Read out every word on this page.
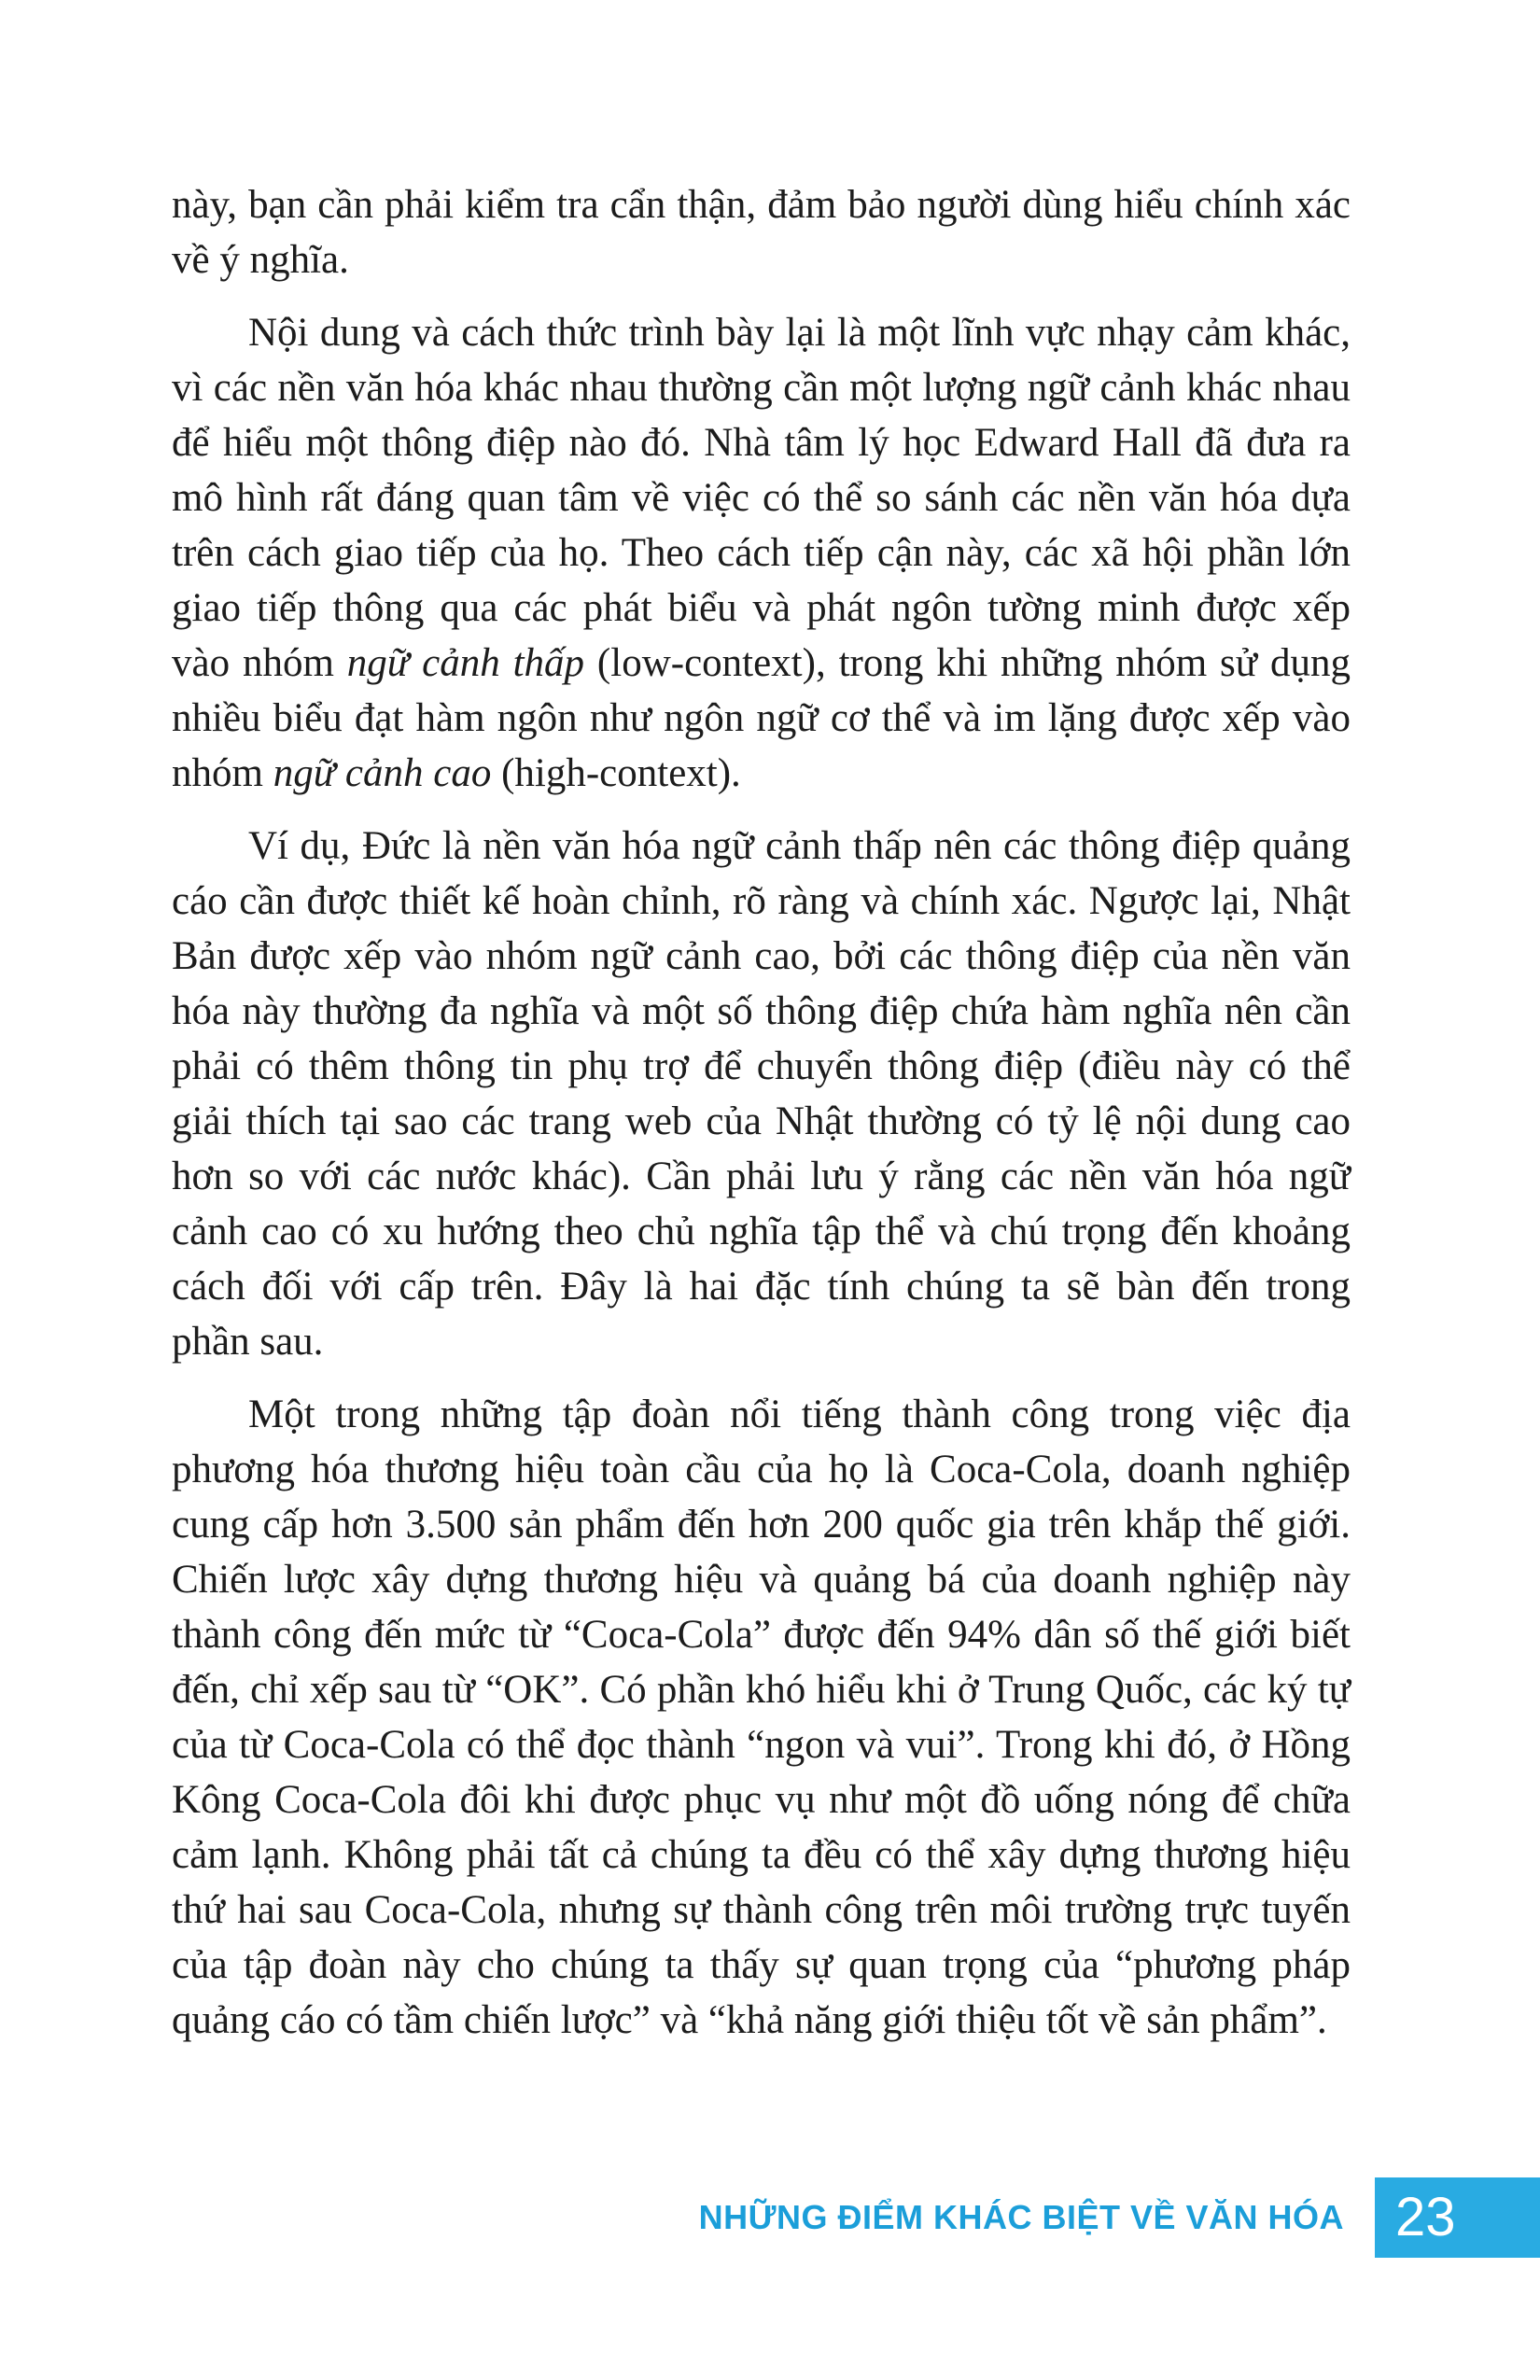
này, bạn cần phải kiểm tra cẩn thận, đảm bảo người dùng hiểu chính xác
về ý nghĩa.
Nội dung và cách thức trình bày lại là một lĩnh vực nhạy cảm khác,
vì các nền văn hóa khác nhau thường cần một lượng ngữ cảnh khác nhau
để hiểu một thông điệp nào đó. Nhà tâm lý học Edward Hall đã đưa ra
mô hình rất đáng quan tâm về việc có thể so sánh các nền văn hóa dựa
trên cách giao tiếp của họ. Theo cách tiếp cận này, các xã hội phần lớn
giao tiếp thông qua các phát biểu và phát ngôn tường minh được xếp
vào nhóm ngữ cảnh thấp (low-context), trong khi những nhóm sử dụng
nhiều biểu đạt hàm ngôn như ngôn ngữ cơ thể và im lặng được xếp vào
nhóm ngữ cảnh cao (high-context).
Ví dụ, Đức là nền văn hóa ngữ cảnh thấp nên các thông điệp quảng
cáo cần được thiết kế hoàn chỉnh, rõ ràng và chính xác. Ngược lại, Nhật
Bản được xếp vào nhóm ngữ cảnh cao, bởi các thông điệp của nền văn
hóa này thường đa nghĩa và một số thông điệp chứa hàm nghĩa nên cần
phải có thêm thông tin phụ trợ để chuyển thông điệp (điều này có thể
giải thích tại sao các trang web của Nhật thường có tỷ lệ nội dung cao
hơn so với các nước khác). Cần phải lưu ý rằng các nền văn hóa ngữ
cảnh cao có xu hướng theo chủ nghĩa tập thể và chú trọng đến khoảng
cách đối với cấp trên. Đây là hai đặc tính chúng ta sẽ bàn đến trong
phần sau.
Một trong những tập đoàn nổi tiếng thành công trong việc địa
phương hóa thương hiệu toàn cầu của họ là Coca-Cola, doanh nghiệp
cung cấp hơn 3.500 sản phẩm đến hơn 200 quốc gia trên khắp thế giới.
Chiến lược xây dựng thương hiệu và quảng bá của doanh nghiệp này
thành công đến mức từ “Coca-Cola” được đến 94% dân số thế giới biết
đến, chỉ xếp sau từ “OK”. Có phần khó hiểu khi ở Trung Quốc, các ký tự
của từ Coca-Cola có thể đọc thành “ngon và vui”. Trong khi đó, ở Hồng
Kông Coca-Cola đôi khi được phục vụ như một đồ uống nóng để chữa
cảm lạnh. Không phải tất cả chúng ta đều có thể xây dựng thương hiệu
thứ hai sau Coca-Cola, nhưng sự thành công trên môi trường trực tuyến
của tập đoàn này cho chúng ta thấy sự quan trọng của “phương pháp
quảng cáo có tầm chiến lược” và “khả năng giới thiệu tốt về sản phẩm”.
NHỮNG ĐIỂM KHÁC BIỆT VỀ VĂN HÓA 23
